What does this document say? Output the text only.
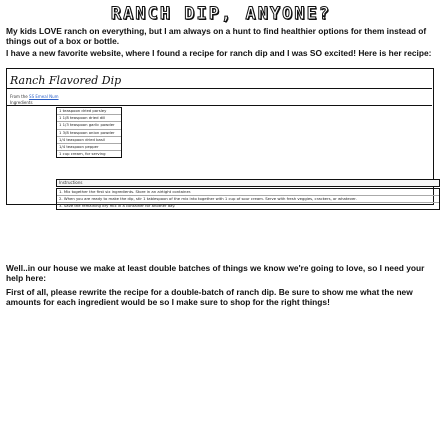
RANCH DIP, ANYONE?
My kids LOVE ranch on everything, but I am always on a hunt to find healthier options for them instead of things out of a box or bottle.
I have a new favorite website, where I found a recipe for ranch dip and I was SO excited! Here is her recipe:
Ranch Flavored Dip
From the SS Emeal Num
Ingredients
1 teaspoon dried parsley
1 1/8 teaspoon dried dill
1 1/3 teaspoon garlic powder
1 3/8 teaspoon onion powder
1/4 teaspoon dried basil
1/4 teaspoon pepper
1 cup cream, for serving
Instructions
1. Mix together the first six ingredients. Store in an airtight container.
2. When you are ready to make the dip, stir 1 tablespoon of the mix into together with 1 cup of sour cream. Serve with fresh veggies, crackers, or whatever.
3. Save the remaining dry mix in a container for another day.
Well..in our house we make at least double batches of things we know we're going to love, so I need your help here:
First of all, please rewrite the recipe for a double-batch of ranch dip. Be sure to show me what the new amounts for each ingredient would be so I make sure to shop for the right things!
